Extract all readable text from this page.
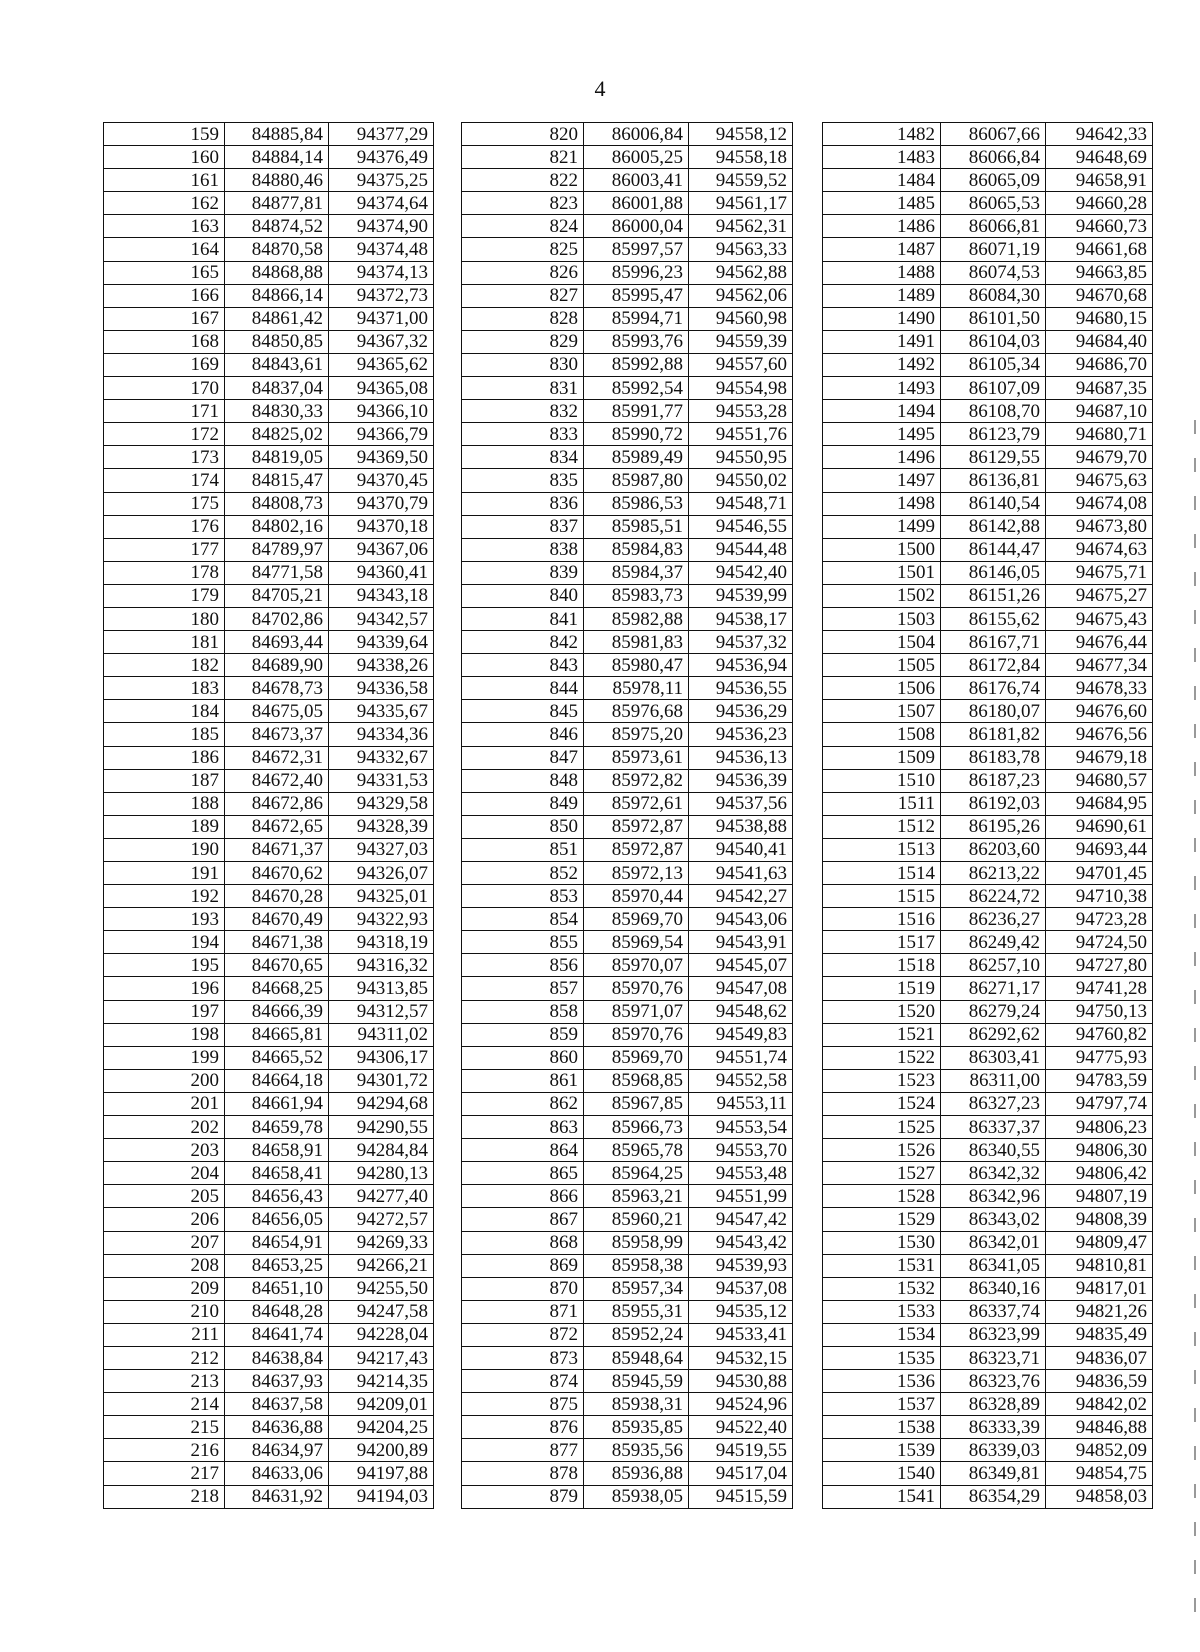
4
159	84885,84	94377,29
160	84884,14	94376,49
161	84880,46	94375,25
162	84877,81	94374,64
163	84874,52	94374,90
164	84870,58	94374,48
165	84868,88	94374,13
166	84866,14	94372,73
167	84861,42	94371,00
168	84850,85	94367,32
169	84843,61	94365,62
170	84837,04	94365,08
171	84830,33	94366,10
172	84825,02	94366,79
173	84819,05	94369,50
174	84815,47	94370,45
175	84808,73	94370,79
176	84802,16	94370,18
177	84789,97	94367,06
178	84771,58	94360,41
179	84705,21	94343,18
180	84702,86	94342,57
181	84693,44	94339,64
182	84689,90	94338,26
183	84678,73	94336,58
184	84675,05	94335,67
185	84673,37	94334,36
186	84672,31	94332,67
187	84672,40	94331,53
188	84672,86	94329,58
189	84672,65	94328,39
190	84671,37	94327,03
191	84670,62	94326,07
192	84670,28	94325,01
193	84670,49	94322,93
194	84671,38	94318,19
195	84670,65	94316,32
196	84668,25	94313,85
197	84666,39	94312,57
198	84665,81	94311,02
199	84665,52	94306,17
200	84664,18	94301,72
201	84661,94	94294,68
202	84659,78	94290,55
203	84658,91	94284,84
204	84658,41	94280,13
205	84656,43	94277,40
206	84656,05	94272,57
207	84654,91	94269,33
208	84653,25	94266,21
209	84651,10	94255,50
210	84648,28	94247,58
211	84641,74	94228,04
212	84638,84	94217,43
213	84637,93	94214,35
214	84637,58	94209,01
215	84636,88	94204,25
216	84634,97	94200,89
217	84633,06	94197,88
218	84631,92	94194,03
820	86006,84	94558,12
821	86005,25	94558,18
822	86003,41	94559,52
823	86001,88	94561,17
824	86000,04	94562,31
825	85997,57	94563,33
826	85996,23	94562,88
827	85995,47	94562,06
828	85994,71	94560,98
829	85993,76	94559,39
830	85992,88	94557,60
831	85992,54	94554,98
832	85991,77	94553,28
833	85990,72	94551,76
834	85989,49	94550,95
835	85987,80	94550,02
836	85986,53	94548,71
837	85985,51	94546,55
838	85984,83	94544,48
839	85984,37	94542,40
840	85983,73	94539,99
841	85982,88	94538,17
842	85981,83	94537,32
843	85980,47	94536,94
844	85978,11	94536,55
845	85976,68	94536,29
846	85975,20	94536,23
847	85973,61	94536,13
848	85972,82	94536,39
849	85972,61	94537,56
850	85972,87	94538,88
851	85972,87	94540,41
852	85972,13	94541,63
853	85970,44	94542,27
854	85969,70	94543,06
855	85969,54	94543,91
856	85970,07	94545,07
857	85970,76	94547,08
858	85971,07	94548,62
859	85970,76	94549,83
860	85969,70	94551,74
861	85968,85	94552,58
862	85967,85	94553,11
863	85966,73	94553,54
864	85965,78	94553,70
865	85964,25	94553,48
866	85963,21	94551,99
867	85960,21	94547,42
868	85958,99	94543,42
869	85958,38	94539,93
870	85957,34	94537,08
871	85955,31	94535,12
872	85952,24	94533,41
873	85948,64	94532,15
874	85945,59	94530,88
875	85938,31	94524,96
876	85935,85	94522,40
877	85935,56	94519,55
878	85936,88	94517,04
879	85938,05	94515,59
1482	86067,66	94642,33
1483	86066,84	94648,69
1484	86065,09	94658,91
1485	86065,53	94660,28
1486	86066,81	94660,73
1487	86071,19	94661,68
1488	86074,53	94663,85
1489	86084,30	94670,68
1490	86101,50	94680,15
1491	86104,03	94684,40
1492	86105,34	94686,70
1493	86107,09	94687,35
1494	86108,70	94687,10
1495	86123,79	94680,71
1496	86129,55	94679,70
1497	86136,81	94675,63
1498	86140,54	94674,08
1499	86142,88	94673,80
1500	86144,47	94674,63
1501	86146,05	94675,71
1502	86151,26	94675,27
1503	86155,62	94675,43
1504	86167,71	94676,44
1505	86172,84	94677,34
1506	86176,74	94678,33
1507	86180,07	94676,60
1508	86181,82	94676,56
1509	86183,78	94679,18
1510	86187,23	94680,57
1511	86192,03	94684,95
1512	86195,26	94690,61
1513	86203,60	94693,44
1514	86213,22	94701,45
1515	86224,72	94710,38
1516	86236,27	94723,28
1517	86249,42	94724,50
1518	86257,10	94727,80
1519	86271,17	94741,28
1520	86279,24	94750,13
1521	86292,62	94760,82
1522	86303,41	94775,93
1523	86311,00	94783,59
1524	86327,23	94797,74
1525	86337,37	94806,23
1526	86340,55	94806,30
1527	86342,32	94806,42
1528	86342,96	94807,19
1529	86343,02	94808,39
1530	86342,01	94809,47
1531	86341,05	94810,81
1532	86340,16	94817,01
1533	86337,74	94821,26
1534	86323,99	94835,49
1535	86323,71	94836,07
1536	86323,76	94836,59
1537	86328,89	94842,02
1538	86333,39	94846,88
1539	86339,03	94852,09
1540	86349,81	94854,75
1541	86354,29	94858,03
